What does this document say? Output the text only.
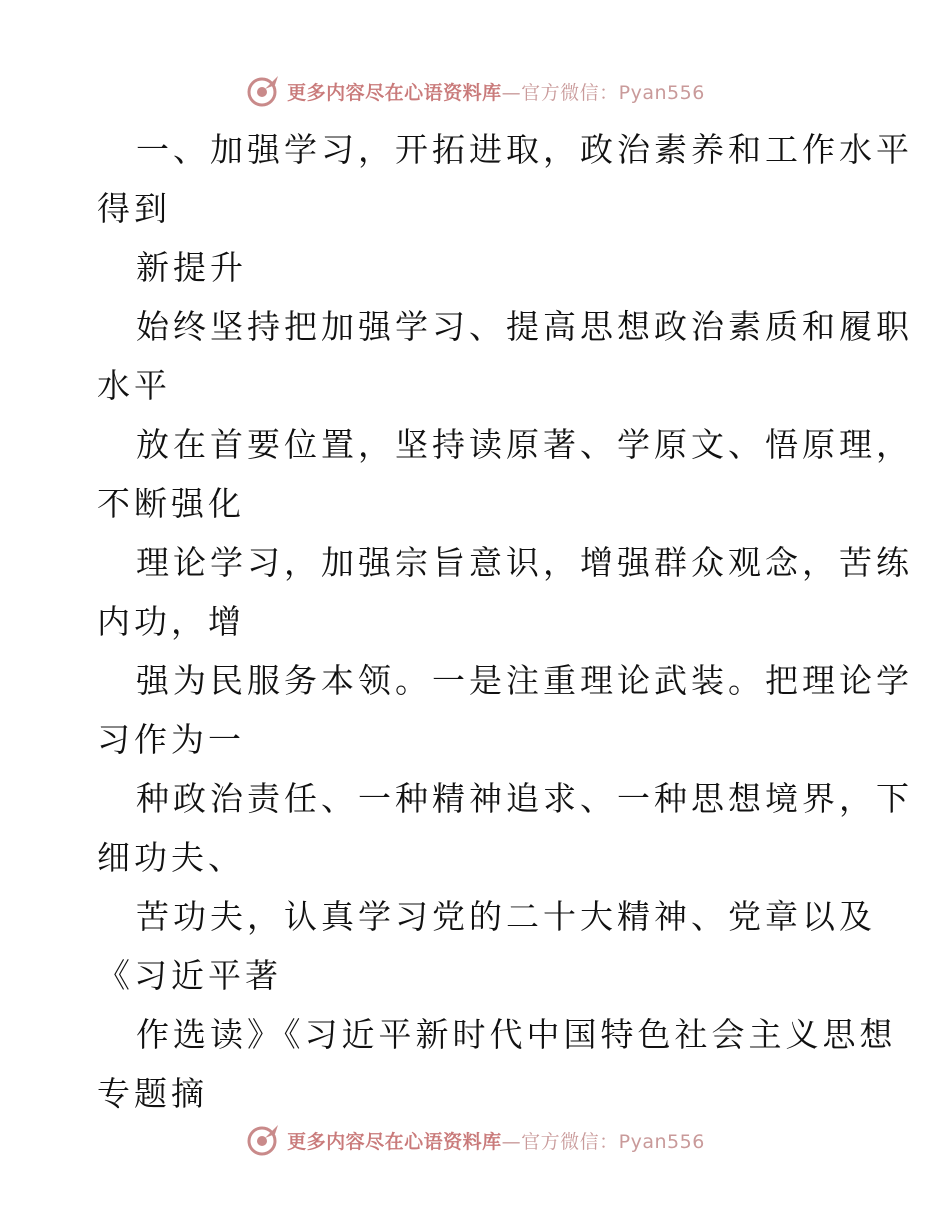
更多内容尽在心语资料库—官方微信：Pyan556
一、加强学习，开拓进取，政治素养和工作水平
得到
新提升
始终坚持把加强学习、提高思想政治素质和履职
水平
放在首要位置，坚持读原著、学原文、悟原理，
不断强化
理论学习，加强宗旨意识，增强群众观念，苦练
内功，增
强为民服务本领。一是注重理论武装。把理论学
习作为一
种政治责任、一种精神追求、一种思想境界，下
细功夫、
苦功夫，认真学习党的二十大精神、党章以及
《习近平著
作选读》《习近平新时代中国特色社会主义思想
专题摘
更多内容尽在心语资料库—官方微信：Pyan556
